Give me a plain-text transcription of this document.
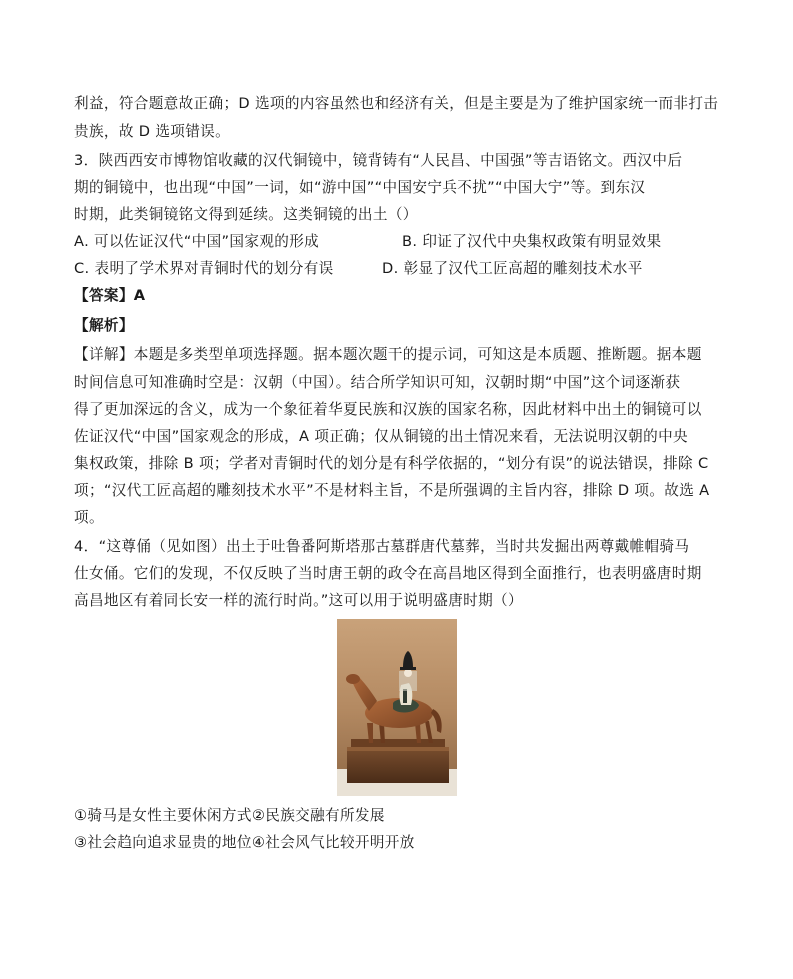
利益，符合题意故正确；D 选项的内容虽然也和经济有关，但是主要是为了维护国家统一而非打击
贵族，故 D 选项错误。
3．陕西西安市博物馆收藏的汉代铜镜中，镜背铸有“人民昌、中国强”等吉语铭文。西汉中后
期的铜镜中，也出现“中国”一词，如“游中国”“中国安宁兵不扰”“中国大宁”等。到东汉
时期，此类铜镜铭文得到延续。这类铜镜的出土（）
A. 可以佐证汉代“中国”国家观的形成	B. 印证了汉代中央集权政策有明显效果
C. 表明了学术界对青铜时代的划分有误	D. 彰显了汉代工匠高超的雕刻技术水平
【答案】A
【解析】
【详解】本题是多类型单项选择题。据本题次题干的提示词，可知这是本质题、推断题。据本题
时间信息可知准确时空是：汉朝（中国）。结合所学知识可知，汉朝时期“中国”这个词逐渐获
得了更加深远的含义，成为一个象征着华夏民族和汉族的国家名称，因此材料中出土的铜镜可以
佐证汉代“中国”国家观念的形成，A 项正确；仅从铜镜的出土情况来看，无法说明汉朝的中央
集权政策，排除 B 项；学者对青铜时代的划分是有科学依据的，“划分有误”的说法错误，排除 C
项；“汉代工匠高超的雕刻技术水平”不是材料主旨，不是所强调的主旨内容，排除 D 项。故选 A
项。
4．“这尊俑（见如图）出土于吐鲁番阿斯塔那古墓群唐代墓葬，当时共发掘出两尊戴帷帽骑马
仕女俑。它们的发现，不仅反映了当时唐王朝的政令在高昌地区得到全面推行，也表明盛唐时期
高昌地区有着同长安一样的流行时尚。”这可以用于说明盛唐时期（）
①骑马是女性主要休闲方式②民族交融有所发展
③社会趋向追求显贵的地位④社会风气比较开明开放
